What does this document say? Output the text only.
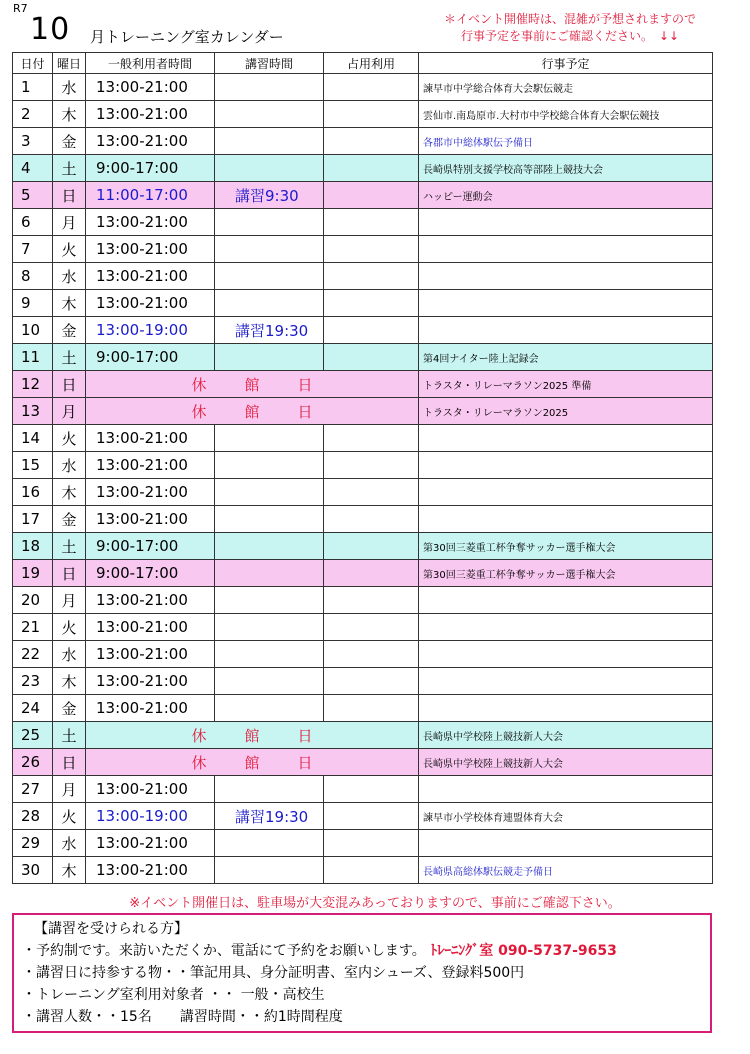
R7
10 月トレーニング室カレンダー
＊イベント開催時は、混雑が予想されますので
行事予定を事前にご確認ください。　↓↓
日付	曜日	一般利用者時間	講習時間	占用利用	行事予定
1	水	13:00-21:00			諫早市中学総合体育大会駅伝競走
2	木	13:00-21:00			雲仙市.南島原市.大村市中学校総合体育大会駅伝競技
3	金	13:00-21:00			各郡市中総体駅伝予備日
4	土	9:00-17:00			長崎県特別支援学校高等部陸上競技大会
5	日	11:00-17:00	講習9:30		ハッピー運動会
6	月	13:00-21:00			
7	火	13:00-21:00			
8	水	13:00-21:00			
9	木	13:00-21:00			
10	金	13:00-19:00	講習19:30		
11	土	9:00-17:00			第4回ナイター陸上記録会
12	日	休館日			トラスタ・リレーマラソン2025 準備
13	月	休館日			トラスタ・リレーマラソン2025
14	火	13:00-21:00			
15	水	13:00-21:00			
16	木	13:00-21:00			
17	金	13:00-21:00			
18	土	9:00-17:00			第30回三菱重工杯争奪サッカー選手権大会
19	日	9:00-17:00			第30回三菱重工杯争奪サッカー選手権大会
20	月	13:00-21:00			
21	火	13:00-21:00			
22	水	13:00-21:00			
23	木	13:00-21:00			
24	金	13:00-21:00			
25	土	休館日			長崎県中学校陸上競技新人大会
26	日	休館日			長崎県中学校陸上競技新人大会
27	月	13:00-21:00			
28	火	13:00-19:00	講習19:30		諫早市小学校体育連盟体育大会
29	水	13:00-21:00			
30	木	13:00-21:00			長崎県高総体駅伝競走予備日
※イベント開催日は、駐車場が大変混みあっておりますので、事前にご確認下さい。
【講習を受けられる方】
・予約制です。来訪いただくか、電話にて予約をお願いします。 ﾄﾚｰﾆﾝｸﾞ室 090-5737-9653
・講習日に持参する物・・筆記用具、身分証明書、室内シューズ、登録料500円
・トレーニング室利用対象者 ・・ 一般・高校生
・講習人数・・15名　　講習時間・・約1時間程度
